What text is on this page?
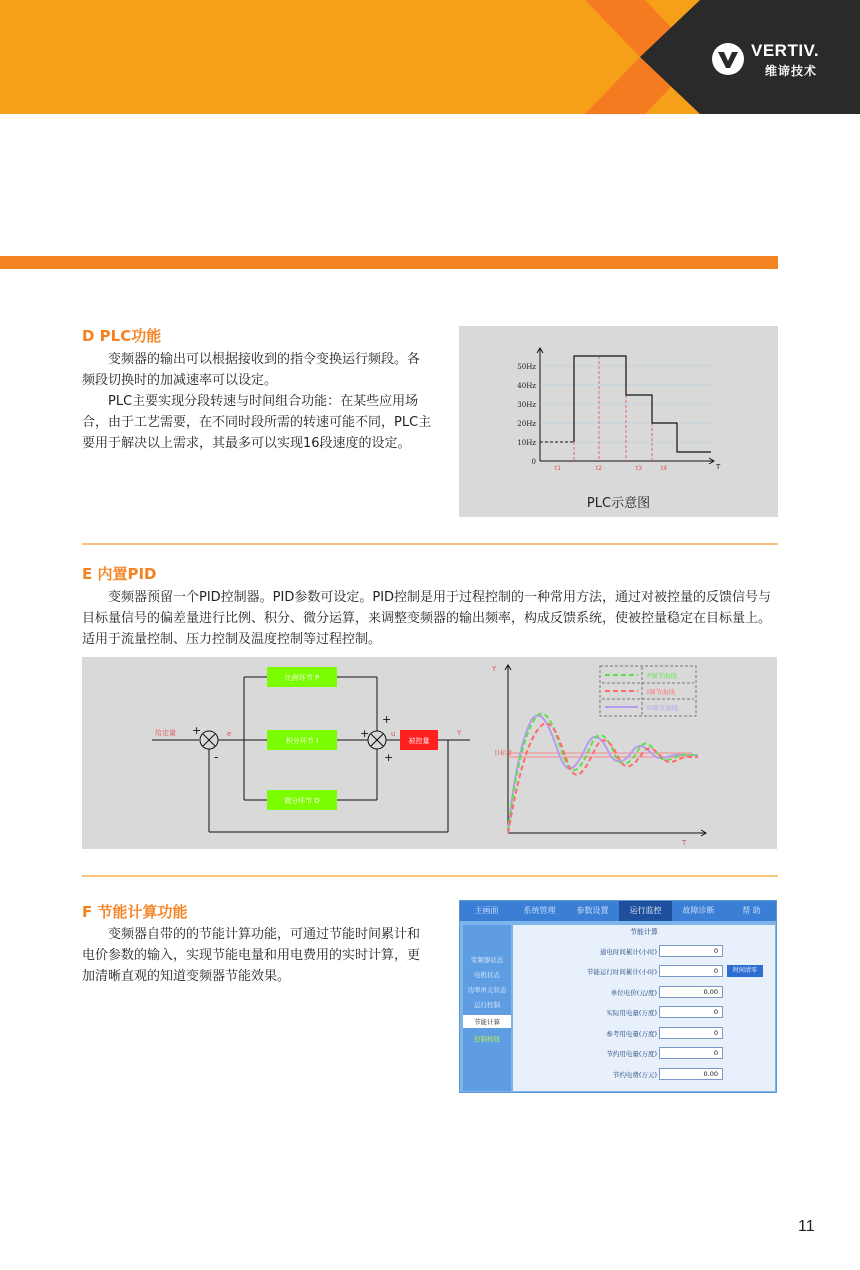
VERTIV.
维谛技术
D PLC功能
变频器的输出可以根据接收到的指令变换运行频段。各
频段切换时的加减速率可以设定。
PLC主要实现分段转速与时间组合功能：在某些应用场
合，由于工艺需要，在不同时段所需的转速可能不同，PLC主
要用于解决以上需求，其最多可以实现16段速度的设定。
0
10Hz
20Hz
30Hz
40Hz
50Hz
T
t1	t2	t3	t4
PLC示意图
E 内置PID
变频器预留一个PID控制器。PID参数可设定。PID控制是用于过程控制的一种常用方法，通过对被控量的反馈信号与
目标量信号的偏差量进行比例、积分、微分运算，来调整变频器的输出频率，构成反馈系统，使被控量稳定在目标量上。
适用于流量控制、压力控制及温度控制等过程控制。
给定量 +
-
e
比例环节 P
积分环节 I
微分环节 D
+
+
+
u
被控量
Y
Y
T
目标量
P调节曲线
I调节曲线
D调节曲线
F 节能计算功能
变频器自带的的节能计算功能，可通过节能时间累计和
电价参数的输入，实现节能电量和用电费用的实时计算，更
加清晰直观的知道变频器节能效果。
主画面	系统管理	参数设置	运行监控	故障诊断	帮 助
变频器状态
电机状态
功率单元状态
运行控制
节能计算
控制按钮
节能计算
通电时间累计(小时)	0
节能运行时间累计(小时)	0	时间清零
单位电价(元/度)	0.00
实际用电量(万度)	0
参考用电量(万度)	0
节约用电量(万度)	0
节约电费(万元)	0.00
11
